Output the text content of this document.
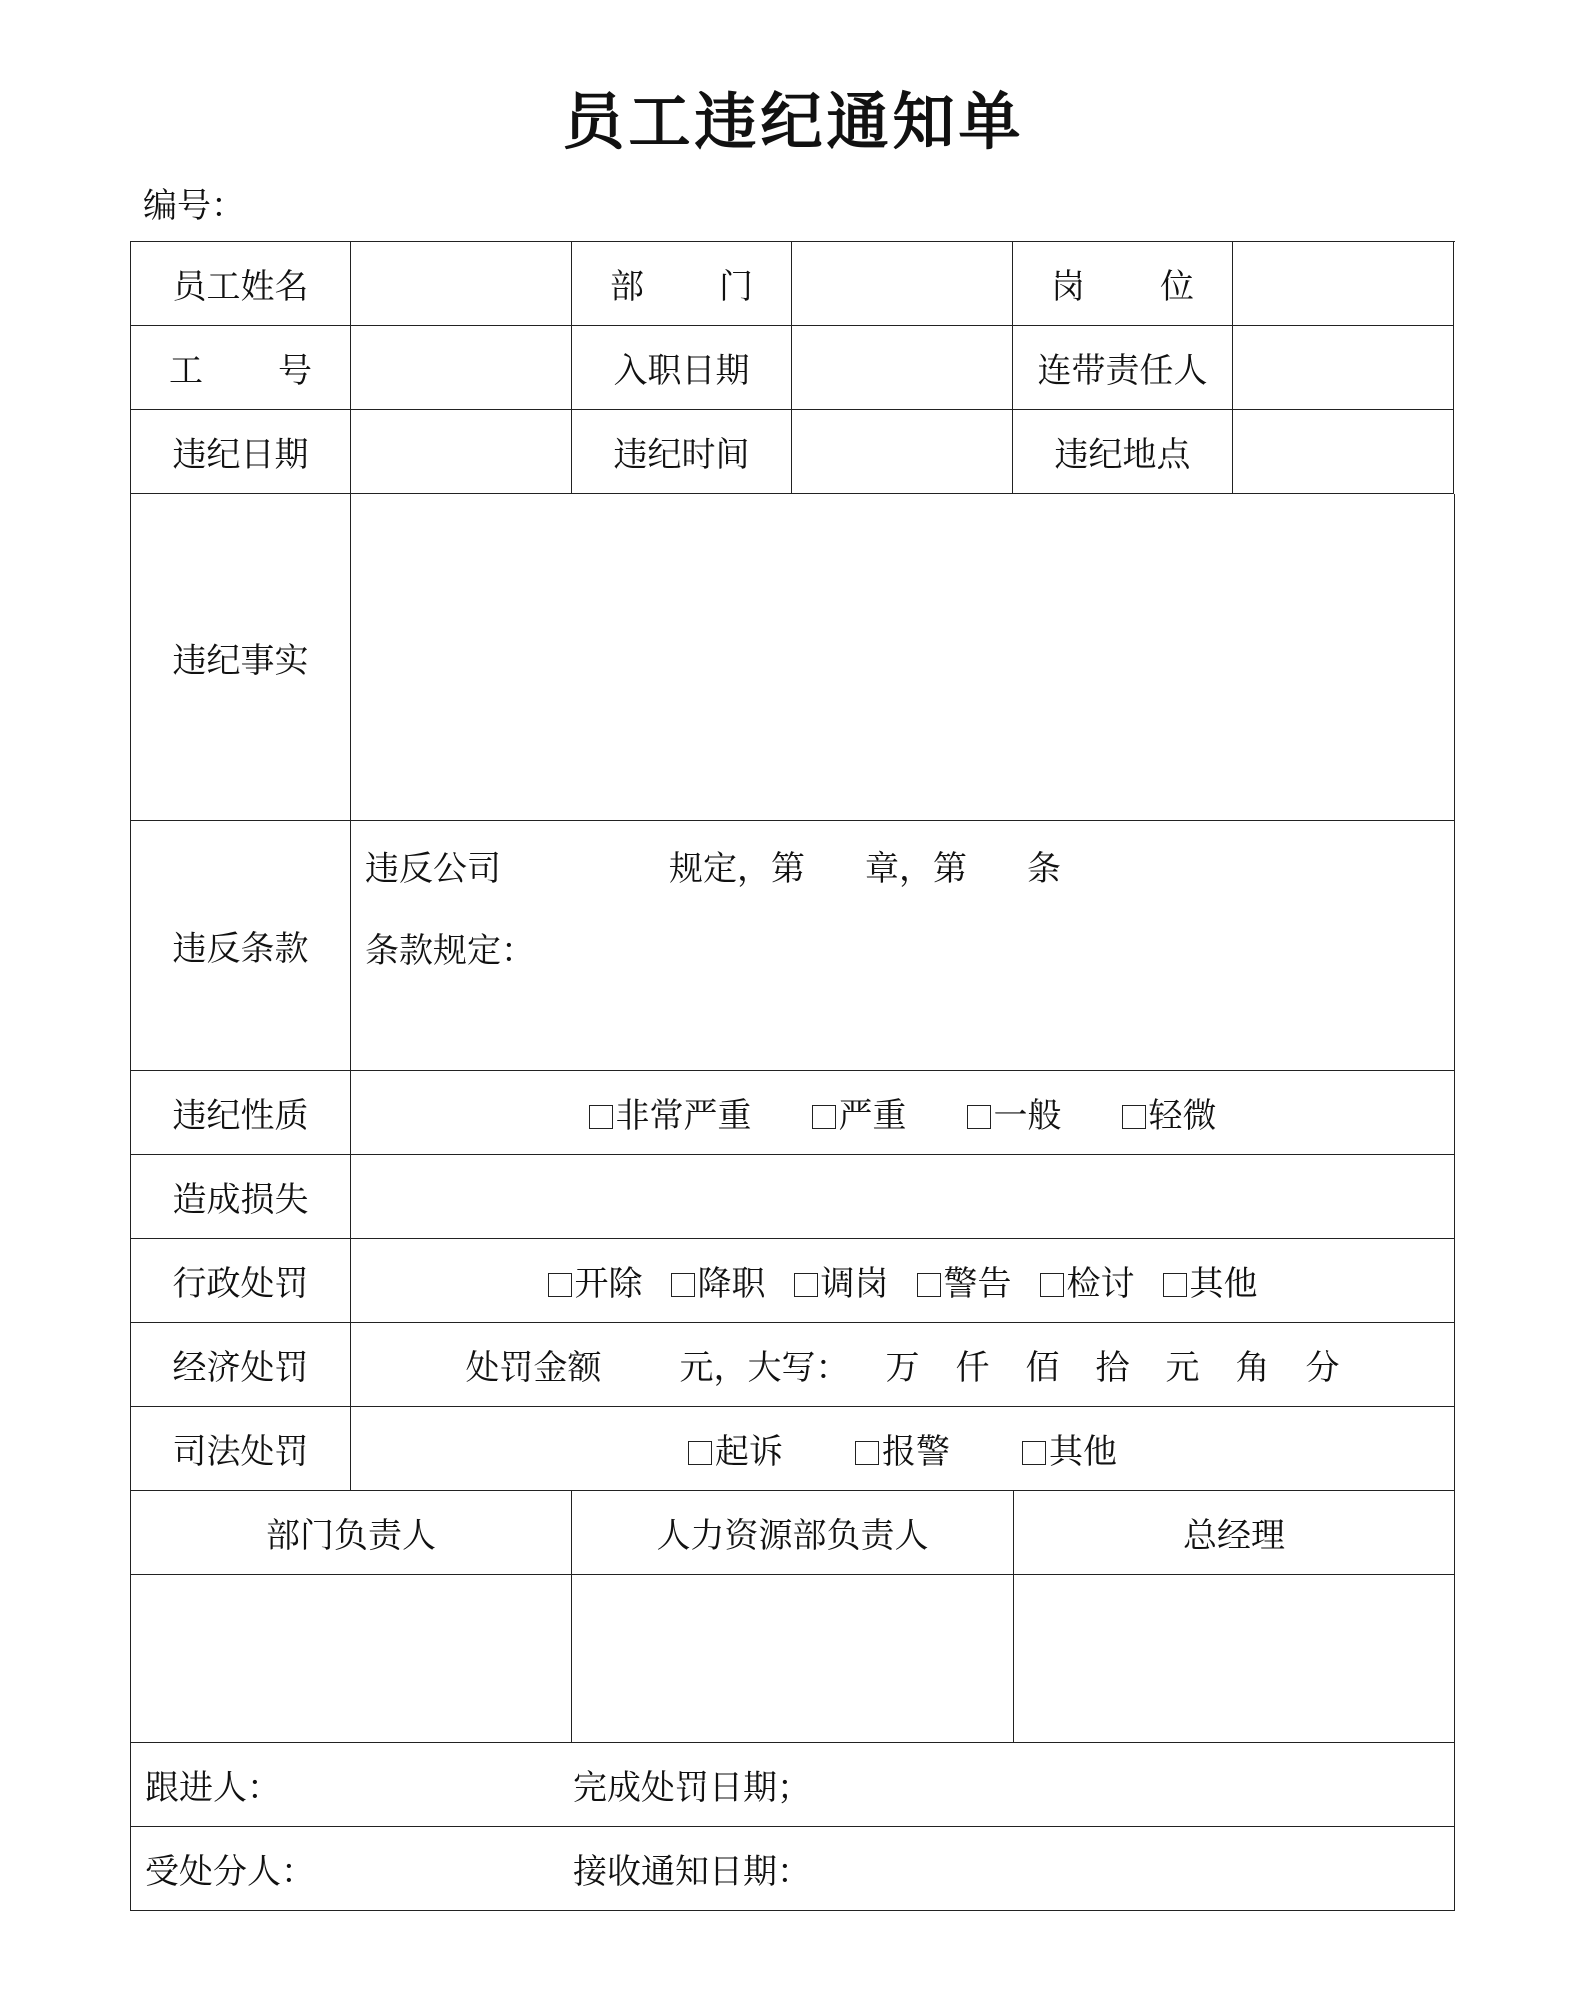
员工违纪通知单
编号：
员工姓名	部 门	岗 位
工 号	入职日期	连带责任人
违纪日期	违纪时间	违纪地点
违纪事实
违反条款
违反公司	规定，第 章，第 条
条款规定：
违纪性质	非常严重	严重	一般	轻微
造成损失
行政处罚	开除	降职	调岗	警告	检讨	其他
经济处罚	处罚金额 元，大写： 万 仟 佰 拾 元 角 分
司法处罚	起诉	报警	其他
部门负责人	人力资源部负责人	总经理
跟进人：	完成处罚日期；
受处分人：	接收通知日期：
